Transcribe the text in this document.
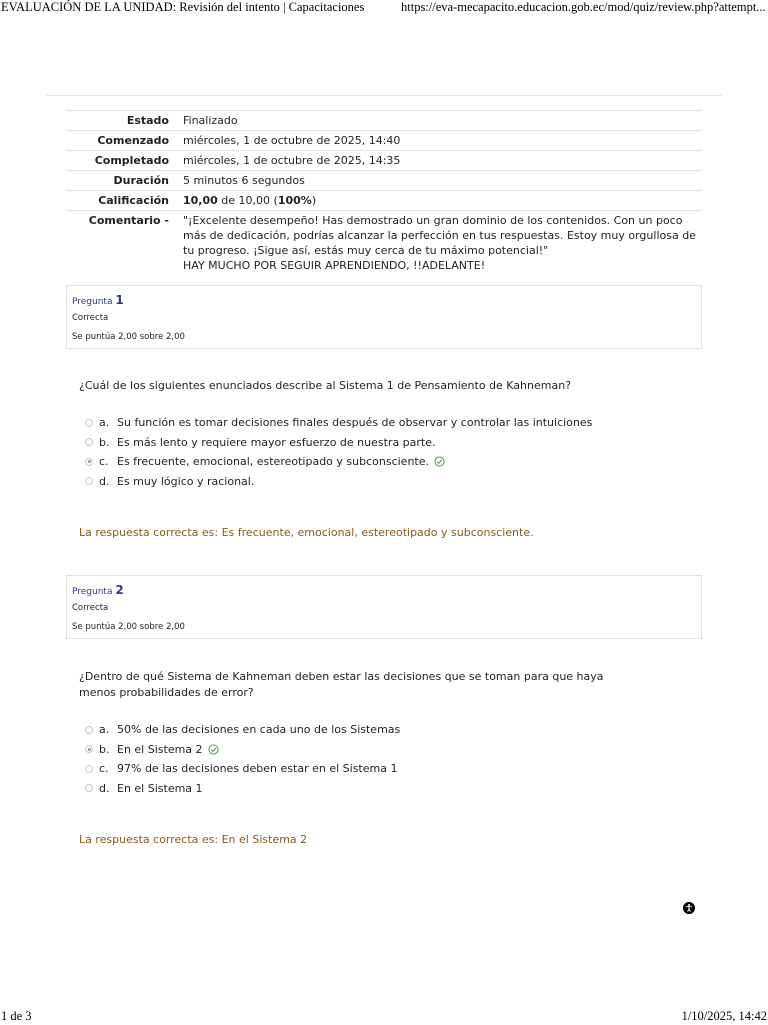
EVALUACIÓN DE LA UNIDAD: Revisión del intento | Capacitaciones	https://eva-mecapacito.educacion.gob.ec/mod/quiz/review.php?attempt...
Estado	Finalizado
Comenzado	miércoles, 1 de octubre de 2025, 14:40
Completado	miércoles, 1 de octubre de 2025, 14:35
Duración	5 minutos 6 segundos
Calificación	10,00 de 10,00 (100%)
Comentario -	"¡Excelente desempeño! Has demostrado un gran dominio de los contenidos. Con un poco
más de dedicación, podrías alcanzar la perfección en tus respuestas. Estoy muy orgullosa de
tu progreso. ¡Sigue así, estás muy cerca de tu máximo potencial!"
HAY MUCHO POR SEGUIR APRENDIENDO, !!ADELANTE!
Pregunta 1
Correcta
Se puntúa 2,00 sobre 2,00
¿Cuál de los siguientes enunciados describe al Sistema 1 de Pensamiento de Kahneman?
a. Su función es tomar decisiones finales después de observar y controlar las intuiciones
b. Es más lento y requiere mayor esfuerzo de nuestra parte.
c. Es frecuente, emocional, estereotipado y subconsciente.
d. Es muy lógico y racional.
La respuesta correcta es: Es frecuente, emocional, estereotipado y subconsciente.
Pregunta 2
Correcta
Se puntúa 2,00 sobre 2,00
¿Dentro de qué Sistema de Kahneman deben estar las decisiones que se toman para que haya menos probabilidades de error?
a. 50% de las decisiones en cada uno de los Sistemas
b. En el Sistema 2
c. 97% de las decisiones deben estar en el Sistema 1
d. En el Sistema 1
La respuesta correcta es: En el Sistema 2
1 de 3	1/10/2025, 14:42
